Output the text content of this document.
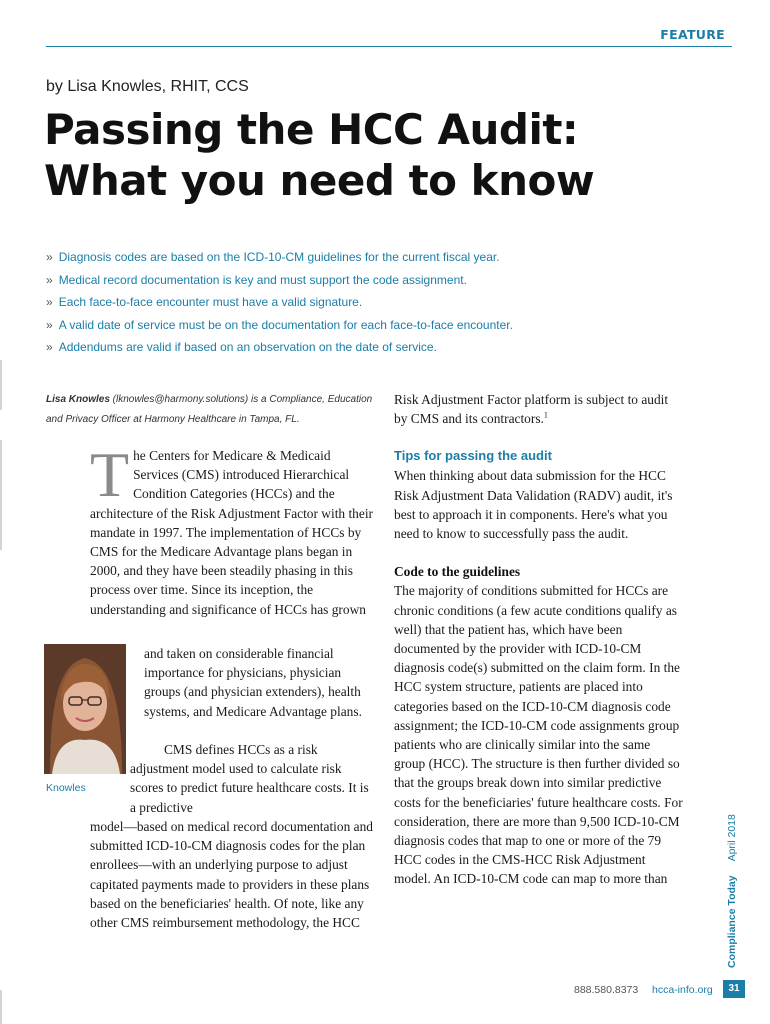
FEATURE
by Lisa Knowles, RHIT, CCS
Passing the HCC Audit:
What you need to know
» Diagnosis codes are based on the ICD-10-CM guidelines for the current fiscal year.
» Medical record documentation is key and must support the code assignment.
» Each face-to-face encounter must have a valid signature.
» A valid date of service must be on the documentation for each face-to-face encounter.
» Addendums are valid if based on an observation on the date of service.
Lisa Knowles (lknowles@harmony.solutions) is a Compliance, Education and Privacy Officer at Harmony Healthcare in Tampa, FL.
T he Centers for Medicare & Medicaid Services (CMS) introduced Hierarchical Condition Categories (HCCs) and the architecture of the Risk Adjustment Factor with their mandate in 1997. The implementation of HCCs by CMS for the Medicare Advantage plans began in 2000, and they have been steadily phasing in this process over time. Since its inception, the understanding and significance of HCCs has grown

Knowles

and taken on considerable financial importance for physicians, physician groups (and physician extenders), health systems, and Medicare Advantage plans.

CMS defines HCCs as a risk adjustment model used to calculate risk scores to predict future healthcare costs. It is a predictive

model—based on medical record documentation and submitted ICD-10-CM diagnosis codes for the plan enrollees—with an underlying purpose to adjust capitated payments made to providers in these plans based on the beneficiaries' health. Of note, like any other CMS reimbursement methodology, the HCC

Risk Adjustment Factor platform is subject to audit by CMS and its contractors.$^1$

Tips for passing the audit

When thinking about data submission for the HCC Risk Adjustment Data Validation (RADV) audit, it's best to approach it in components. Here's what you need to know to successfully pass the audit.

Code to the guidelines

The majority of conditions submitted for HCCs are chronic conditions (a few acute conditions qualify as well) that the patient has, which have been documented by the provider with ICD-10-CM diagnosis code(s) submitted on the claim form. In the HCC system structure, patients are placed into categories based on the ICD-10-CM diagnosis code assignment; the ICD-10-CM code assignments group patients who are clinically similar into the same group (HCC). The structure is then further divided so that the groups break down into similar predictive costs for the beneficiaries' future healthcare costs. For consideration, there are more than 9,500 ICD-10-CM diagnosis codes that map to one or more of the 79 HCC codes in the CMS-HCC Risk Adjustment model. An ICD-10-CM code can map to more than	Compliance TodayApril 2018
888.580.8373 hcca-info.org	31
